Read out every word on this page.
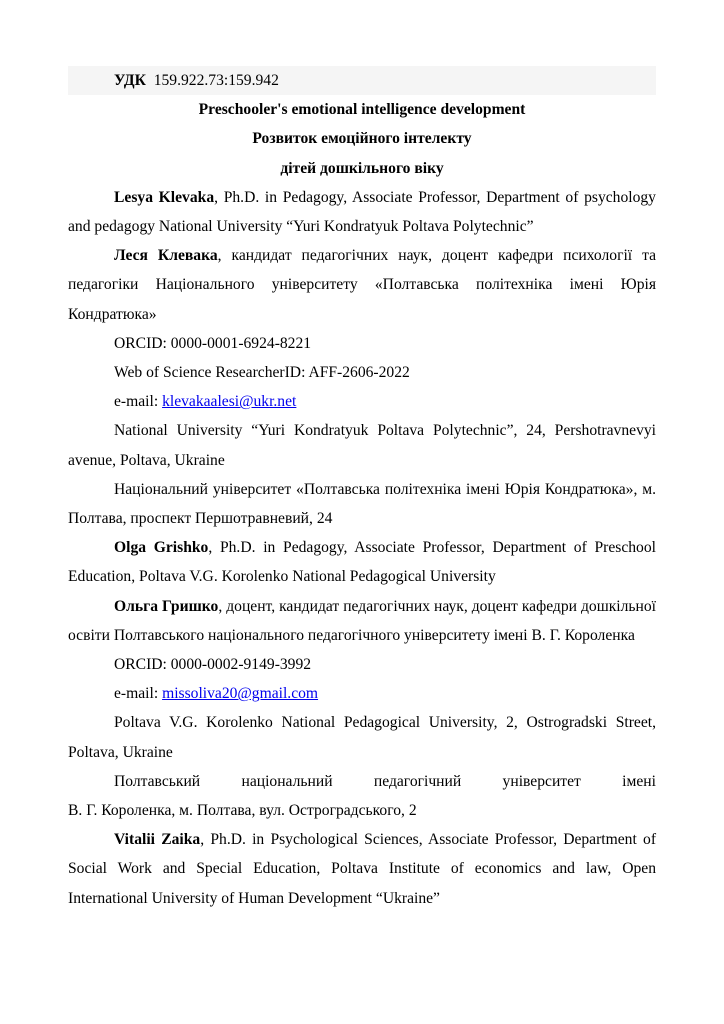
УДК 159.922.73:159.942

Preschooler's emotional intelligence development

Розвиток емоційного інтелекту

дітей дошкільного віку

Lesya Klevaka, Ph.D. in Pedagogy, Associate Professor, Department of psychology and pedagogy National University “Yuri Kondratyuk Poltava Polytechnic”

Леся Клевака, кандидат педагогічних наук, доцент кафедри психології та педагогіки Національного університету «Полтавська політехніка імені Юрія Кондратюка»

ORCID: 0000-0001-6924-8221

Web of Science ResearcherID: AFF-2606-2022

e-mail: klevakaalesi@ukr.net

National University “Yuri Kondratyuk Poltava Polytechnic”, 24, Pershotravnevyi avenue, Poltava, Ukraine

Національний університет «Полтавська політехніка імені Юрія Кондратюка», м. Полтава, проспект Першотравневий, 24

Olga Grishko, Ph.D. in Pedagogy, Associate Professor, Department of Preschool Education, Poltava V.G. Korolenko National Pedagogical University

Ольга Гришко, доцент, кандидат педагогічних наук, доцент кафедри дошкільної освіти Полтавського національного педагогічного університету імені В. Г. Короленка

ORCID: 0000-0002-9149-3992

e-mail: missoliva20@gmail.com

Poltava V.G. Korolenko National Pedagogical University, 2, Ostrogradski Street, Poltava, Ukraine

Полтавський національний педагогічний університет імені

В. Г. Короленка, м. Полтава, вул. Остроградського, 2

Vitalii Zaika, Ph.D. in Psychological Sciences, Associate Professor, Department of Social Work and Special Education, Poltava Institute of economics and law, Open International University of Human Development “Ukraine”
